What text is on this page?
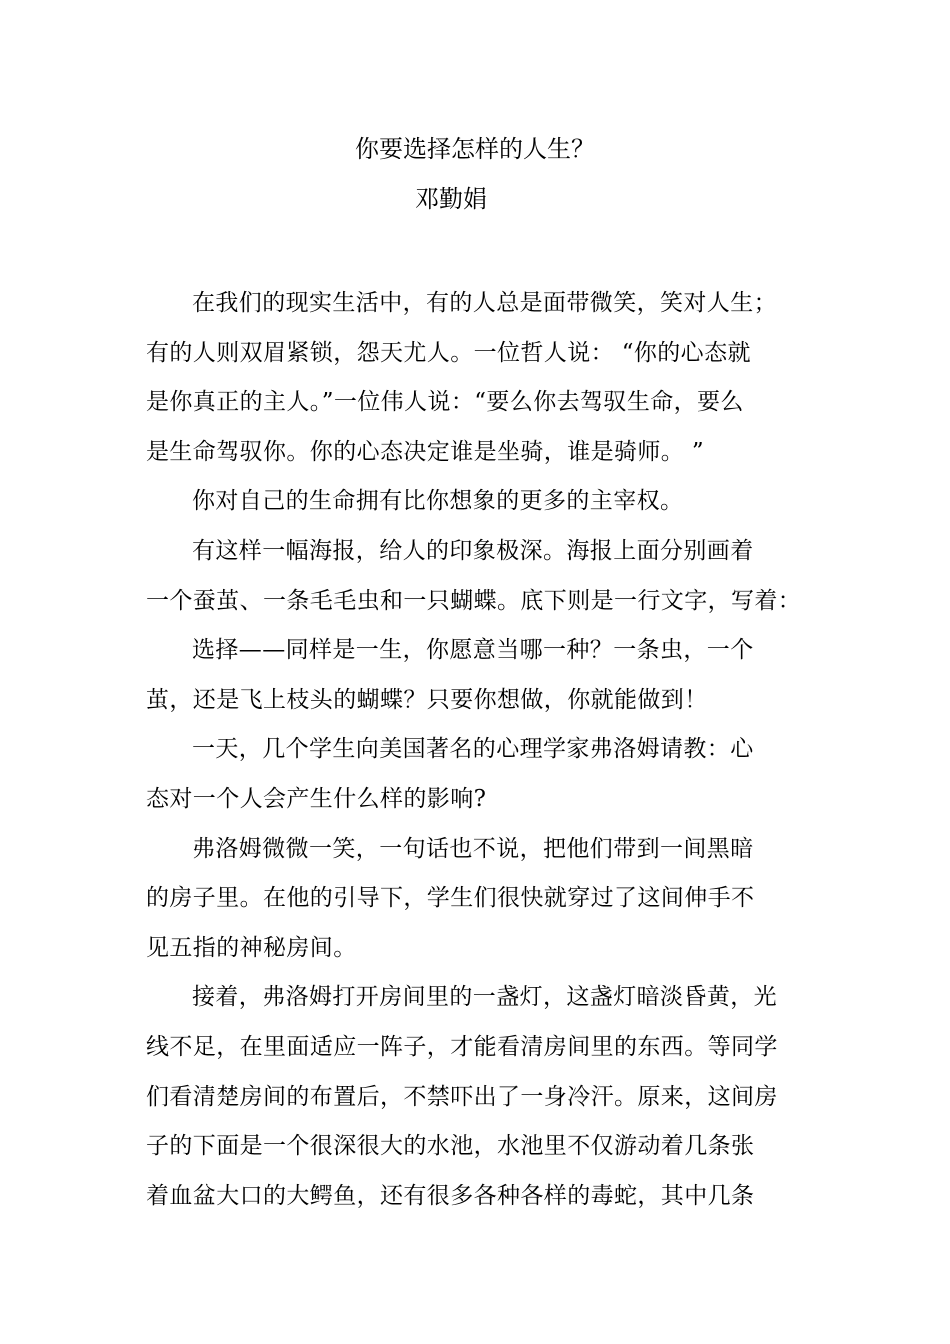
你要选择怎样的人生？
邓勤娟

在我们的现实生活中，有的人总是面带微笑，笑对人生；
有的人则双眉紧锁，怨天尤人。一位哲人说： “你的心态就
是你真正的主人。”一位伟人说：“要么你去驾驭生命，要么
是生命驾驭你。你的心态决定谁是坐骑，谁是骑师。 ”

你对自己的生命拥有比你想象的更多的主宰权。

有这样一幅海报，给人的印象极深。海报上面分别画着
一个蚕茧、一条毛毛虫和一只蝴蝶。底下则是一行文字，写着：

选择——同样是一生，你愿意当哪一种？一条虫，一个
茧，还是飞上枝头的蝴蝶？只要你想做，你就能做到！

一天，几个学生向美国著名的心理学家弗洛姆请教：心
态对一个人会产生什么样的影响?

弗洛姆微微一笑，一句话也不说，把他们带到一间黑暗
的房子里。在他的引导下，学生们很快就穿过了这间伸手不
见五指的神秘房间。

接着，弗洛姆打开房间里的一盏灯，这盏灯暗淡昏黄，光
线不足，在里面适应一阵子，才能看清房间里的东西。等同学
们看清楚房间的布置后，不禁吓出了一身冷汗。原来，这间房
子的下面是一个很深很大的水池，水池里不仅游动着几条张
着血盆大口的大鳄鱼，还有很多各种各样的毒蛇，其中几条
